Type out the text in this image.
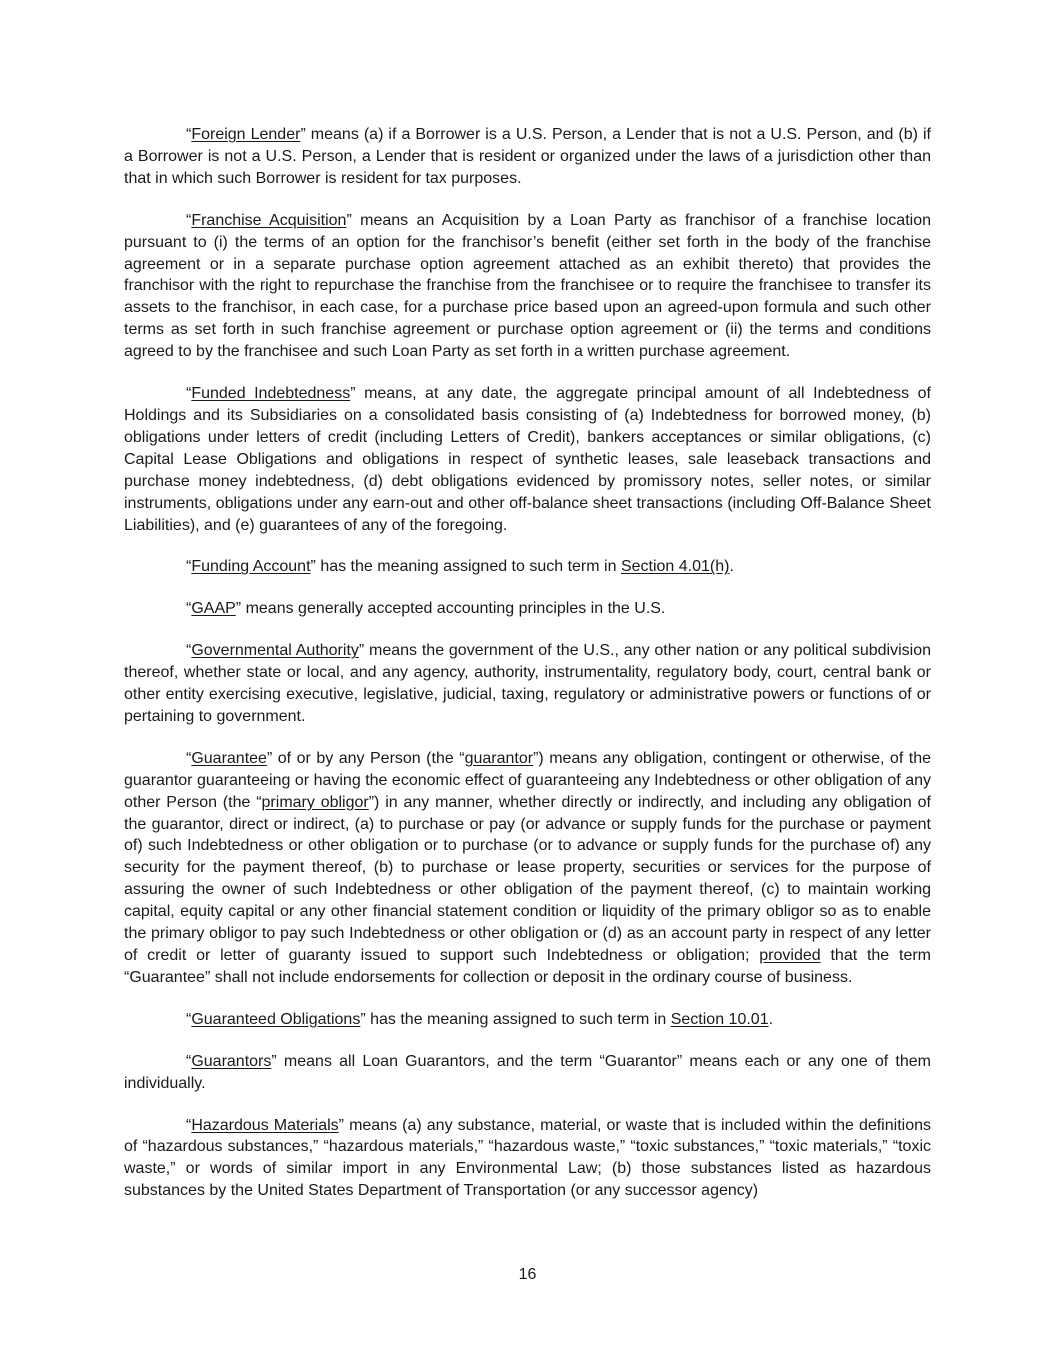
“Foreign Lender” means (a) if a Borrower is a U.S. Person, a Lender that is not a U.S. Person, and (b) if a Borrower is not a U.S. Person, a Lender that is resident or organized under the laws of a jurisdiction other than that in which such Borrower is resident for tax purposes.

“Franchise Acquisition” means an Acquisition by a Loan Party as franchisor of a franchise location pursuant to (i) the terms of an option for the franchisor’s benefit (either set forth in the body of the franchise agreement or in a separate purchase option agreement attached as an exhibit thereto) that provides the franchisor with the right to repurchase the franchise from the franchisee or to require the franchisee to transfer its assets to the franchisor, in each case, for a purchase price based upon an agreed-upon formula and such other terms as set forth in such franchise agreement or purchase option agreement or (ii) the terms and conditions agreed to by the franchisee and such Loan Party as set forth in a written purchase agreement.

“Funded Indebtedness” means, at any date, the aggregate principal amount of all Indebtedness of Holdings and its Subsidiaries on a consolidated basis consisting of (a) Indebtedness for borrowed money, (b) obligations under letters of credit (including Letters of Credit), bankers acceptances or similar obligations, (c) Capital Lease Obligations and obligations in respect of synthetic leases, sale leaseback transactions and purchase money indebtedness, (d) debt obligations evidenced by promissory notes, seller notes, or similar instruments, obligations under any earn-out and other off-balance sheet transactions (including Off-Balance Sheet Liabilities), and (e) guarantees of any of the foregoing.

“Funding Account” has the meaning assigned to such term in Section 4.01(h).

“GAAP” means generally accepted accounting principles in the U.S.

“Governmental Authority” means the government of the U.S., any other nation or any political subdivision thereof, whether state or local, and any agency, authority, instrumentality, regulatory body, court, central bank or other entity exercising executive, legislative, judicial, taxing, regulatory or administrative powers or functions of or pertaining to government.

“Guarantee” of or by any Person (the “guarantor”) means any obligation, contingent or otherwise, of the guarantor guaranteeing or having the economic effect of guaranteeing any Indebtedness or other obligation of any other Person (the “primary obligor”) in any manner, whether directly or indirectly, and including any obligation of the guarantor, direct or indirect, (a) to purchase or pay (or advance or supply funds for the purchase or payment of) such Indebtedness or other obligation or to purchase (or to advance or supply funds for the purchase of) any security for the payment thereof, (b) to purchase or lease property, securities or services for the purpose of assuring the owner of such Indebtedness or other obligation of the payment thereof, (c) to maintain working capital, equity capital or any other financial statement condition or liquidity of the primary obligor so as to enable the primary obligor to pay such Indebtedness or other obligation or (d) as an account party in respect of any letter of credit or letter of guaranty issued to support such Indebtedness or obligation; provided that the term “Guarantee” shall not include endorsements for collection or deposit in the ordinary course of business.

“Guaranteed Obligations” has the meaning assigned to such term in Section 10.01.

“Guarantors” means all Loan Guarantors, and the term “Guarantor” means each or any one of them individually.

“Hazardous Materials” means (a) any substance, material, or waste that is included within the definitions of “hazardous substances,” “hazardous materials,” “hazardous waste,” “toxic substances,” “toxic materials,” “toxic waste,” or words of similar import in any Environmental Law; (b) those substances listed as hazardous substances by the United States Department of Transportation (or any successor agency)

16
